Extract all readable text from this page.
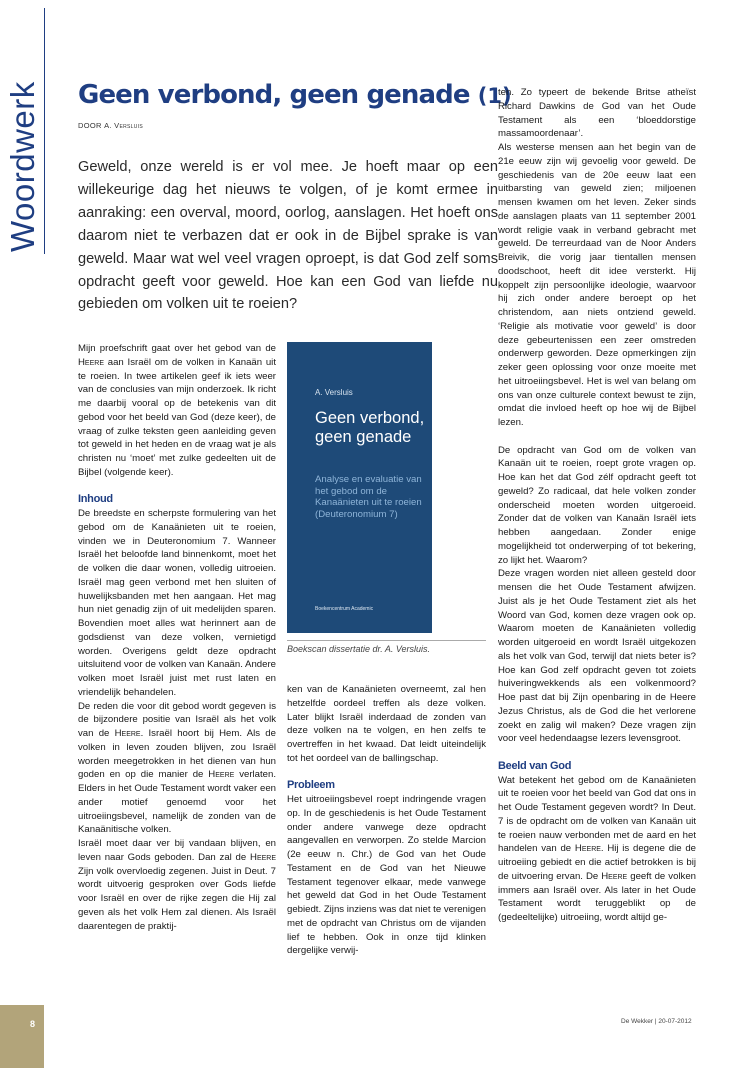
Woordwerk Geen verbond, geen genade (1)
DOOR A. Versluis
Geweld, onze wereld is er vol mee. Je hoeft maar op een willekeurige dag het nieuws te volgen, of je komt ermee in aanraking: een overval, moord, oorlog, aanslagen. Het hoeft ons daarom niet te verbazen dat er ook in de Bijbel sprake is van geweld. Maar wat wel veel vragen oproept, is dat God zelf soms opdracht geeft voor geweld. Hoe kan een God van liefde nu gebieden om volken uit te roeien?

Mijn proefschrift gaat over het gebod van de Heere aan Israël om de volken in Kanaän uit te roeien. In twee artikelen geef ik iets weer van de conclusies van mijn onderzoek. Ik richt me daarbij vooral op de betekenis van dit gebod voor het beeld van God (deze keer), de vraag of zulke teksten geen aanleiding geven tot geweld in het heden en de vraag wat je als christen nu ‘moet’ met zulke gedeelten uit de Bijbel (volgende keer).

Inhoud

De breedste en scherpste formulering van het gebod om de Kanaänieten uit te roeien, vinden we in Deuteronomium 7. Wanneer Israël het beloofde land binnenkomt, moet het de volken die daar wonen, volledig uitroeien. Israël mag geen verbond met hen sluiten of huwelijksbanden met hen aangaan. Het mag hun niet genadig zijn of uit medelijden sparen. Bovendien moet alles wat herinnert aan de godsdienst van deze volken, vernietigd worden. Overigens geldt deze opdracht uitsluitend voor de volken van Kanaän. Andere volken moet Israël juist met rust laten en vriendelijk behandelen.

De reden die voor dit gebod wordt gegeven is de bijzondere positie van Israël als het volk van de Heere. Israël hoort bij Hem. Als de volken in leven zouden blijven, zou Israël worden meegetrokken in het dienen van hun goden en op die manier de Heere verlaten. Elders in het Oude Testament wordt vaker een ander motief genoemd voor het uitroeiingsbevel, namelijk de zonden van de Kanaänitische volken.

Israël moet daar ver bij vandaan blijven, en leven naar Gods geboden. Dan zal de Heere Zijn volk overvloedig zegenen. Juist in Deut. 7 wordt uitvoerig gesproken over Gods liefde voor Israël en over de rijke zegen die Hij zal geven als het volk Hem zal dienen. Als Israël daarentegen de praktij-

A. Versluis
Geen verbond, geen genade
Analyse en evaluatie van het gebod om de Kanaänieten uit te roeien (Deuteronomium 7)
Boekencentrum Academic
Boekscan dissertatie dr. A. Versluis.

ken van de Kanaänieten overneemt, zal hen hetzelfde oordeel treffen als deze volken. Later blijkt Israël inderdaad de zonden van deze volken na te volgen, en hen zelfs te overtreffen in het kwaad. Dat leidt uiteindelijk tot het oordeel van de ballingschap.

Probleem

Het uitroeiingsbevel roept indringende vragen op. In de geschiedenis is het Oude Testament onder andere vanwege deze opdracht aangevallen en verworpen. Zo stelde Marcion (2e eeuw n. Chr.) de God van het Oude Testament en de God van het Nieuwe Testament tegenover elkaar, mede vanwege het geweld dat God in het Oude Testament gebiedt. Zijns inziens was dat niet te verenigen met de opdracht van Christus om de vijanden lief te hebben. Ook in onze tijd klinken dergelijke verwij-

ten. Zo typeert de bekende Britse atheïst Richard Dawkins de God van het Oude Testament als een ‘bloeddorstige massamoordenaar’.

Als westerse mensen aan het begin van de 21e eeuw zijn wij gevoelig voor geweld. De geschiedenis van de 20e eeuw laat een uitbarsting van geweld zien; miljoenen mensen kwamen om het leven. Zeker sinds de aanslagen plaats van 11 september 2001 wordt religie vaak in verband gebracht met geweld. De terreurdaad van de Noor Anders Breivik, die vorig jaar tientallen mensen doodschoot, heeft dit idee versterkt. Hij koppelt zijn persoonlijke ideologie, waarvoor hij zich onder andere beroept op het christendom, aan niets ontziend geweld. ‘Religie als motivatie voor geweld’ is door deze gebeurtenissen een zeer omstreden onderwerp geworden. Deze opmerkingen zijn zeker geen oplossing voor onze moeite met het uitroeiingsbevel. Het is wel van belang om ons van onze culturele context bewust te zijn, omdat die invloed heeft op hoe wij de Bijbel lezen.

De opdracht van God om de volken van Kanaän uit te roeien, roept grote vragen op. Hoe kan het dat God zélf opdracht geeft tot geweld? Zo radicaal, dat hele volken zonder onderscheid moeten worden uitgeroeid. Zonder dat de volken van Kanaän Israël iets hebben aangedaan. Zonder enige mogelijkheid tot onderwerping of tot bekering, zo lijkt het. Waarom?

Deze vragen worden niet alleen gesteld door mensen die het Oude Testament afwijzen. Juist als je het Oude Testament ziet als het Woord van God, komen deze vragen ook op. Waarom moeten de Kanaänieten volledig worden uitgeroeid en wordt Israël uitgekozen als het volk van God, terwijl dat niets beter is? Hoe kan God zelf opdracht geven tot zoiets huiveringwekkends als een volkenmoord? Hoe past dat bij Zijn openbaring in de Heere Jezus Christus, als de God die het verlorene zoekt en zalig wil maken? Deze vragen zijn voor veel hedendaagse lezers levensgroot.

Beeld van God

Wat betekent het gebod om de Kanaänieten uit te roeien voor het beeld van God dat ons in het Oude Testament gegeven wordt? In Deut. 7 is de opdracht om de volken van Kanaän uit te roeien nauw verbonden met de aard en het handelen van de Heere. Hij is degene die de uitroeiing gebiedt en die actief betrokken is bij de uitvoering ervan. De Heere geeft de volken immers aan Israël over. Als later in het Oude Testament wordt teruggeblikt op de (gedeeltelijke) uitroeiing, wordt altijd ge-

8	De Wekker | 20-07-2012
